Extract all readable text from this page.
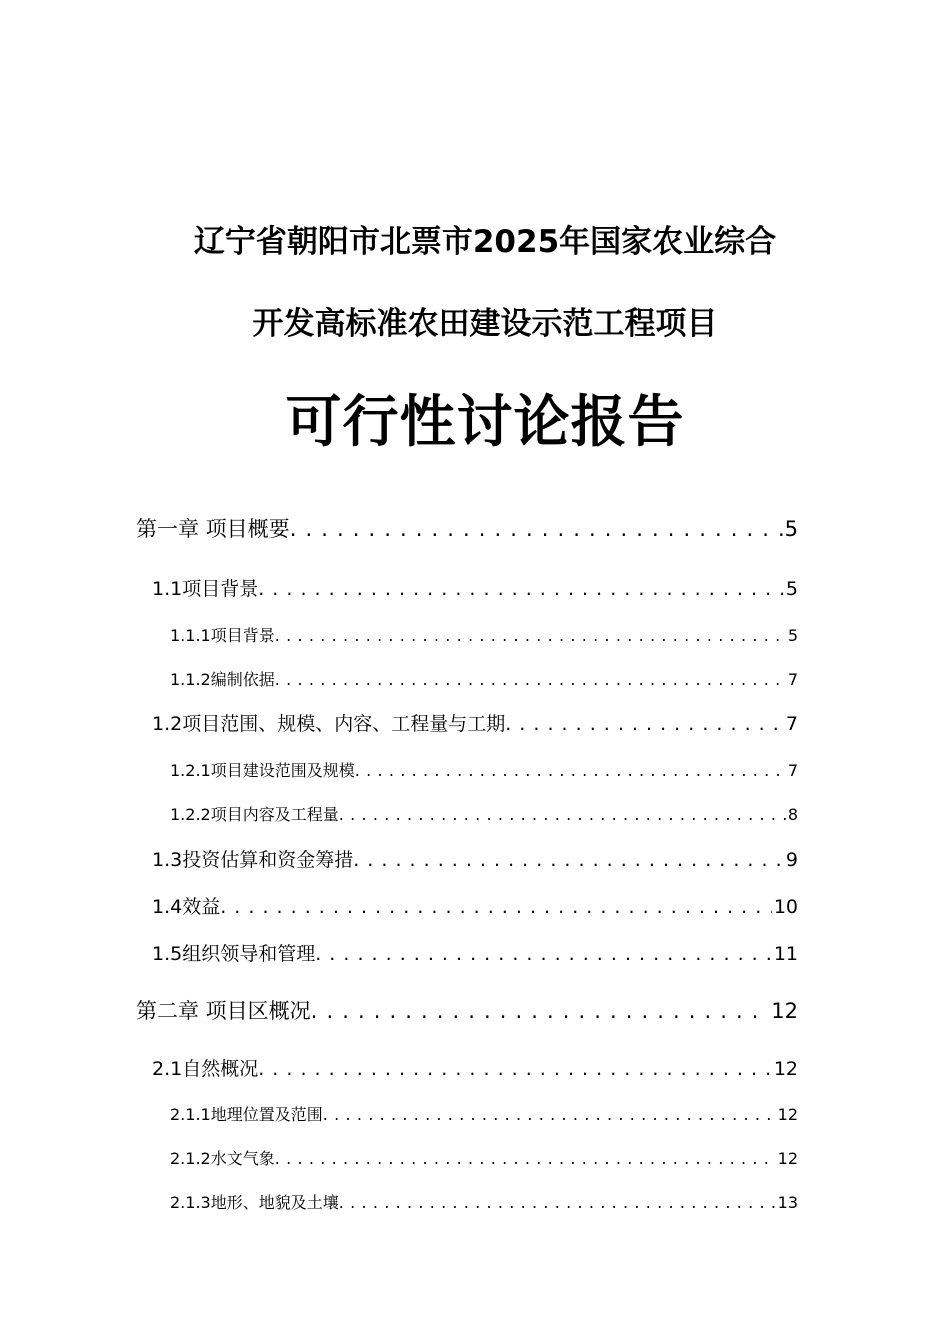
辽宁省朝阳市北票市2025年国家农业综合
开发高标准农田建设示范工程项目
可行性讨论报告
第一章 项目概要 . . .	5
1.1项目背景 . . .	5
1.1.1项目背景 . . .	5
1.1.2编制依据 . . .	7
1.2项目范围、规模、内容、工程量与工期 . . .	7
1.2.1项目建设范围及规模 . . .	7
1.2.2项目内容及工程量 . . .	8
1.3投资估算和资金筹措 . . .	9
1.4效益 . . .	10
1.5组织领导和管理 . . .	11
第二章 项目区概况 . . .	12
2.1自然概况 . . .	12
2.1.1地理位置及范围 . . .	12
2.1.2水文气象 . . .	12
2.1.3地形、地貌及土壤 . . .	13
